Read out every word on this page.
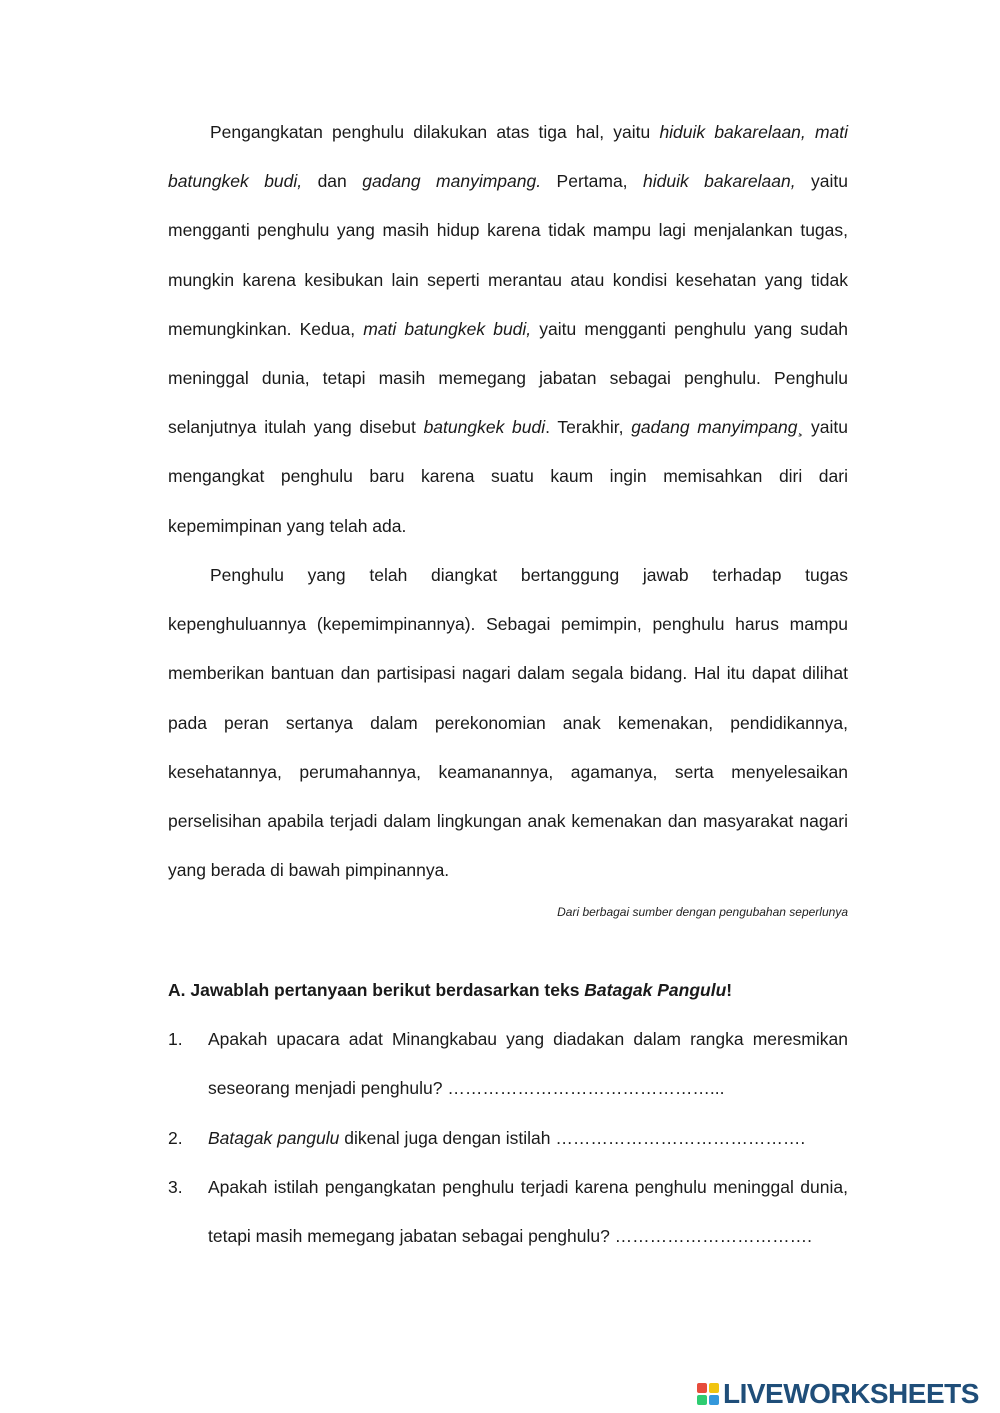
Pengangkatan penghulu dilakukan atas tiga hal, yaitu hiduik bakarelaan, mati batungkek budi, dan gadang manyimpang. Pertama, hiduik bakarelaan, yaitu mengganti penghulu yang masih hidup karena tidak mampu lagi menjalankan tugas, mungkin karena kesibukan lain seperti merantau atau kondisi kesehatan yang tidak memungkinkan. Kedua, mati batungkek budi, yaitu mengganti penghulu yang sudah meninggal dunia, tetapi masih memegang jabatan sebagai penghulu. Penghulu selanjutnya itulah yang disebut batungkek budi. Terakhir, gadang manyimpang¸ yaitu mengangkat penghulu baru karena suatu kaum ingin memisahkan diri dari kepemimpinan yang telah ada.

Penghulu yang telah diangkat bertanggung jawab terhadap tugas kepenghuluannya (kepemimpinannya). Sebagai pemimpin, penghulu harus mampu memberikan bantuan dan partisipasi nagari dalam segala bidang. Hal itu dapat dilihat pada peran sertanya dalam perekonomian anak kemenakan, pendidikannya, kesehatannya, perumahannya, keamanannya, agamanya, serta menyelesaikan perselisihan apabila terjadi dalam lingkungan anak kemenakan dan masyarakat nagari yang berada di bawah pimpinannya.

Dari berbagai sumber dengan pengubahan seperlunya
A. Jawablah pertanyaan berikut berdasarkan teks Batagak Pangulu!
1. Apakah upacara adat Minangkabau yang diadakan dalam rangka meresmikan seseorang menjadi penghulu? ………………………………………...
2. Batagak pangulu dikenal juga dengan istilah …………………………………….
3. Apakah istilah pengangkatan penghulu terjadi karena penghulu meninggal dunia, tetapi masih memegang jabatan sebagai penghulu? …………………………….
LIVEWORKSHEETS
